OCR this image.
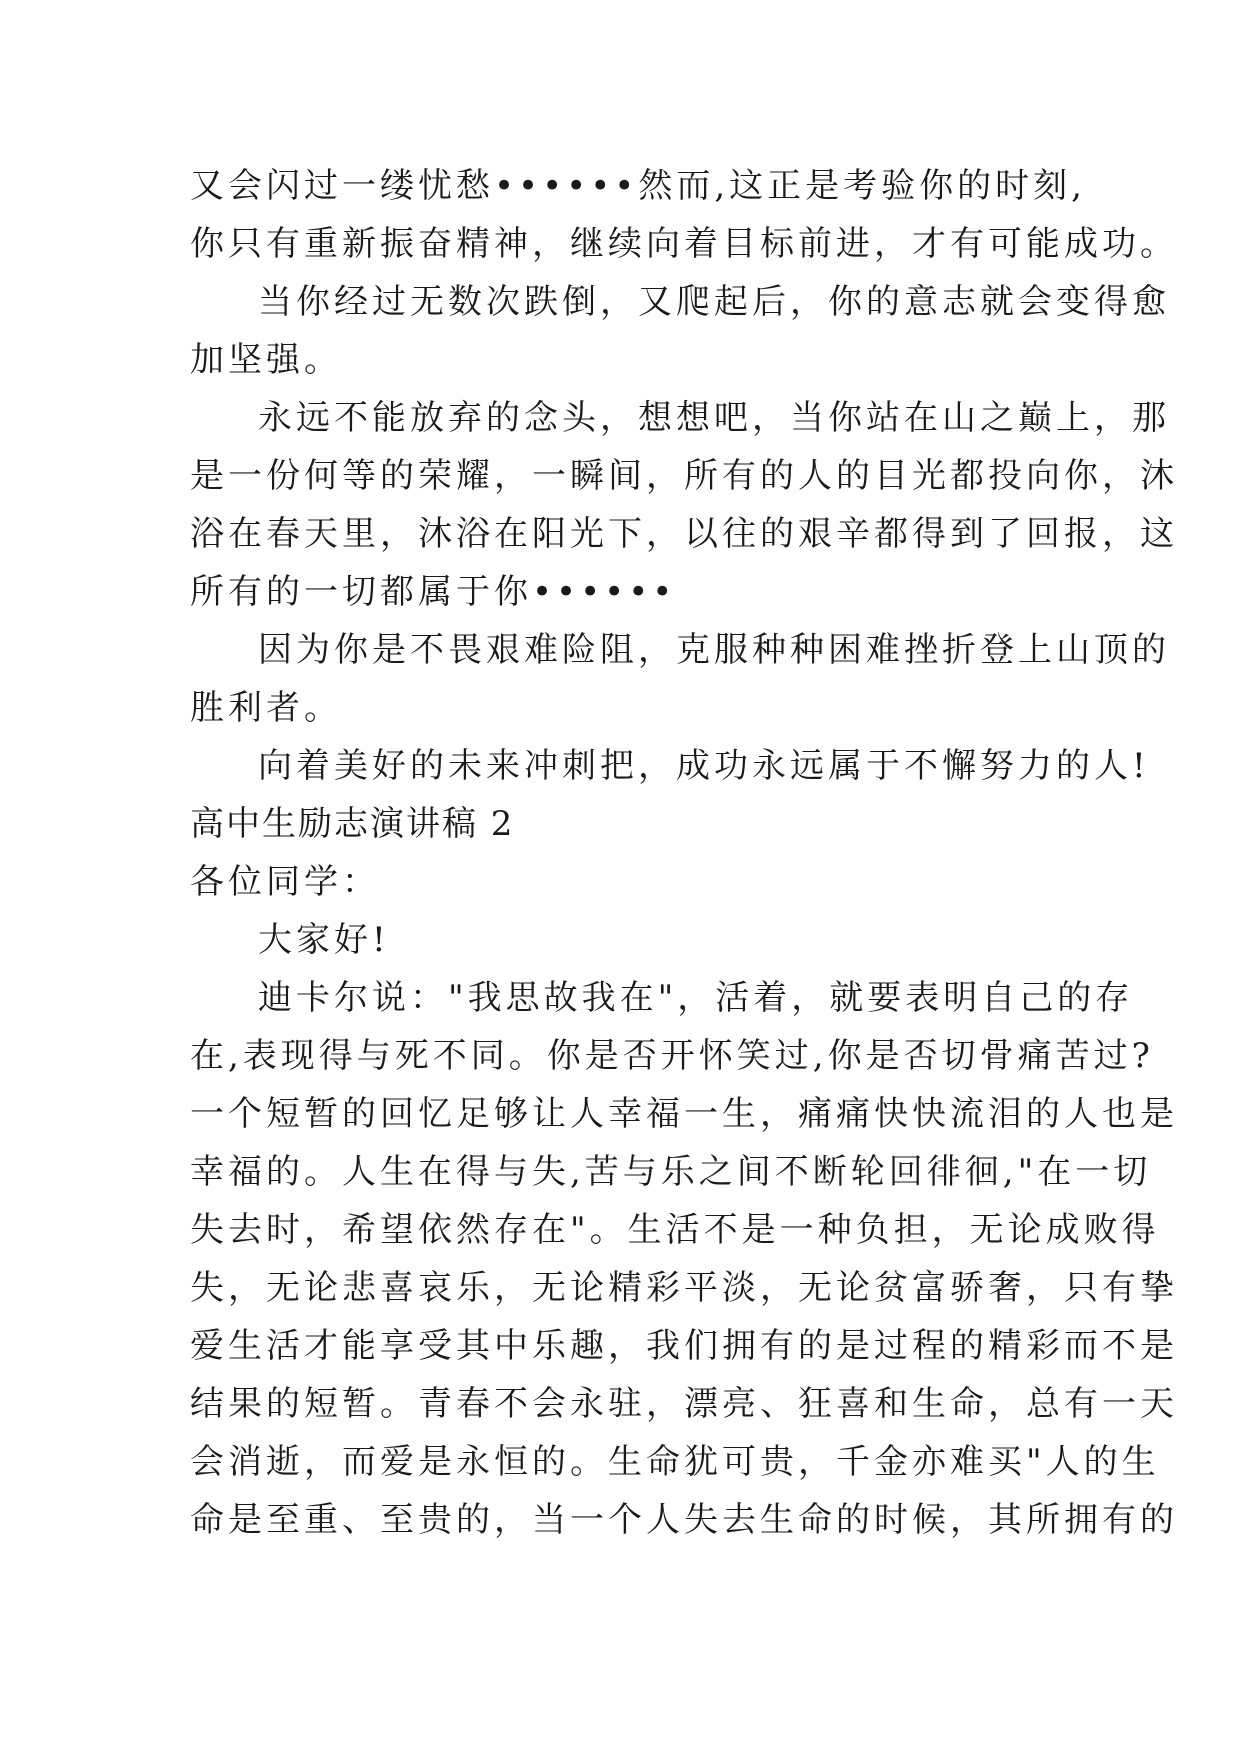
又会闪过一缕忧愁••••••然而,这正是考验你的时刻,
你只有重新振奋精神，继续向着目标前进，才有可能成功。
当你经过无数次跌倒，又爬起后，你的意志就会变得愈
加坚强。
永远不能放弃的念头，想想吧，当你站在山之巅上，那
是一份何等的荣耀，一瞬间，所有的人的目光都投向你，沐
浴在春天里，沐浴在阳光下，以往的艰辛都得到了回报，这
所有的一切都属于你••••••
因为你是不畏艰难险阻，克服种种困难挫折登上山顶的
胜利者。
向着美好的未来冲刺把，成功永远属于不懈努力的人!
高中生励志演讲稿 2
各位同学：
大家好!
迪卡尔说："我思故我在"，活着，就要表明自己的存
在,表现得与死不同。你是否开怀笑过,你是否切骨痛苦过?
一个短暂的回忆足够让人幸福一生，痛痛快快流泪的人也是
幸福的。人生在得与失,苦与乐之间不断轮回徘徊,"在一切
失去时，希望依然存在"。生活不是一种负担，无论成败得
失，无论悲喜哀乐，无论精彩平淡，无论贫富骄奢，只有挚
爱生活才能享受其中乐趣，我们拥有的是过程的精彩而不是
结果的短暂。青春不会永驻，漂亮、狂喜和生命，总有一天
会消逝，而爱是永恒的。生命犹可贵，千金亦难买"人的生
命是至重、至贵的，当一个人失去生命的时候，其所拥有的
